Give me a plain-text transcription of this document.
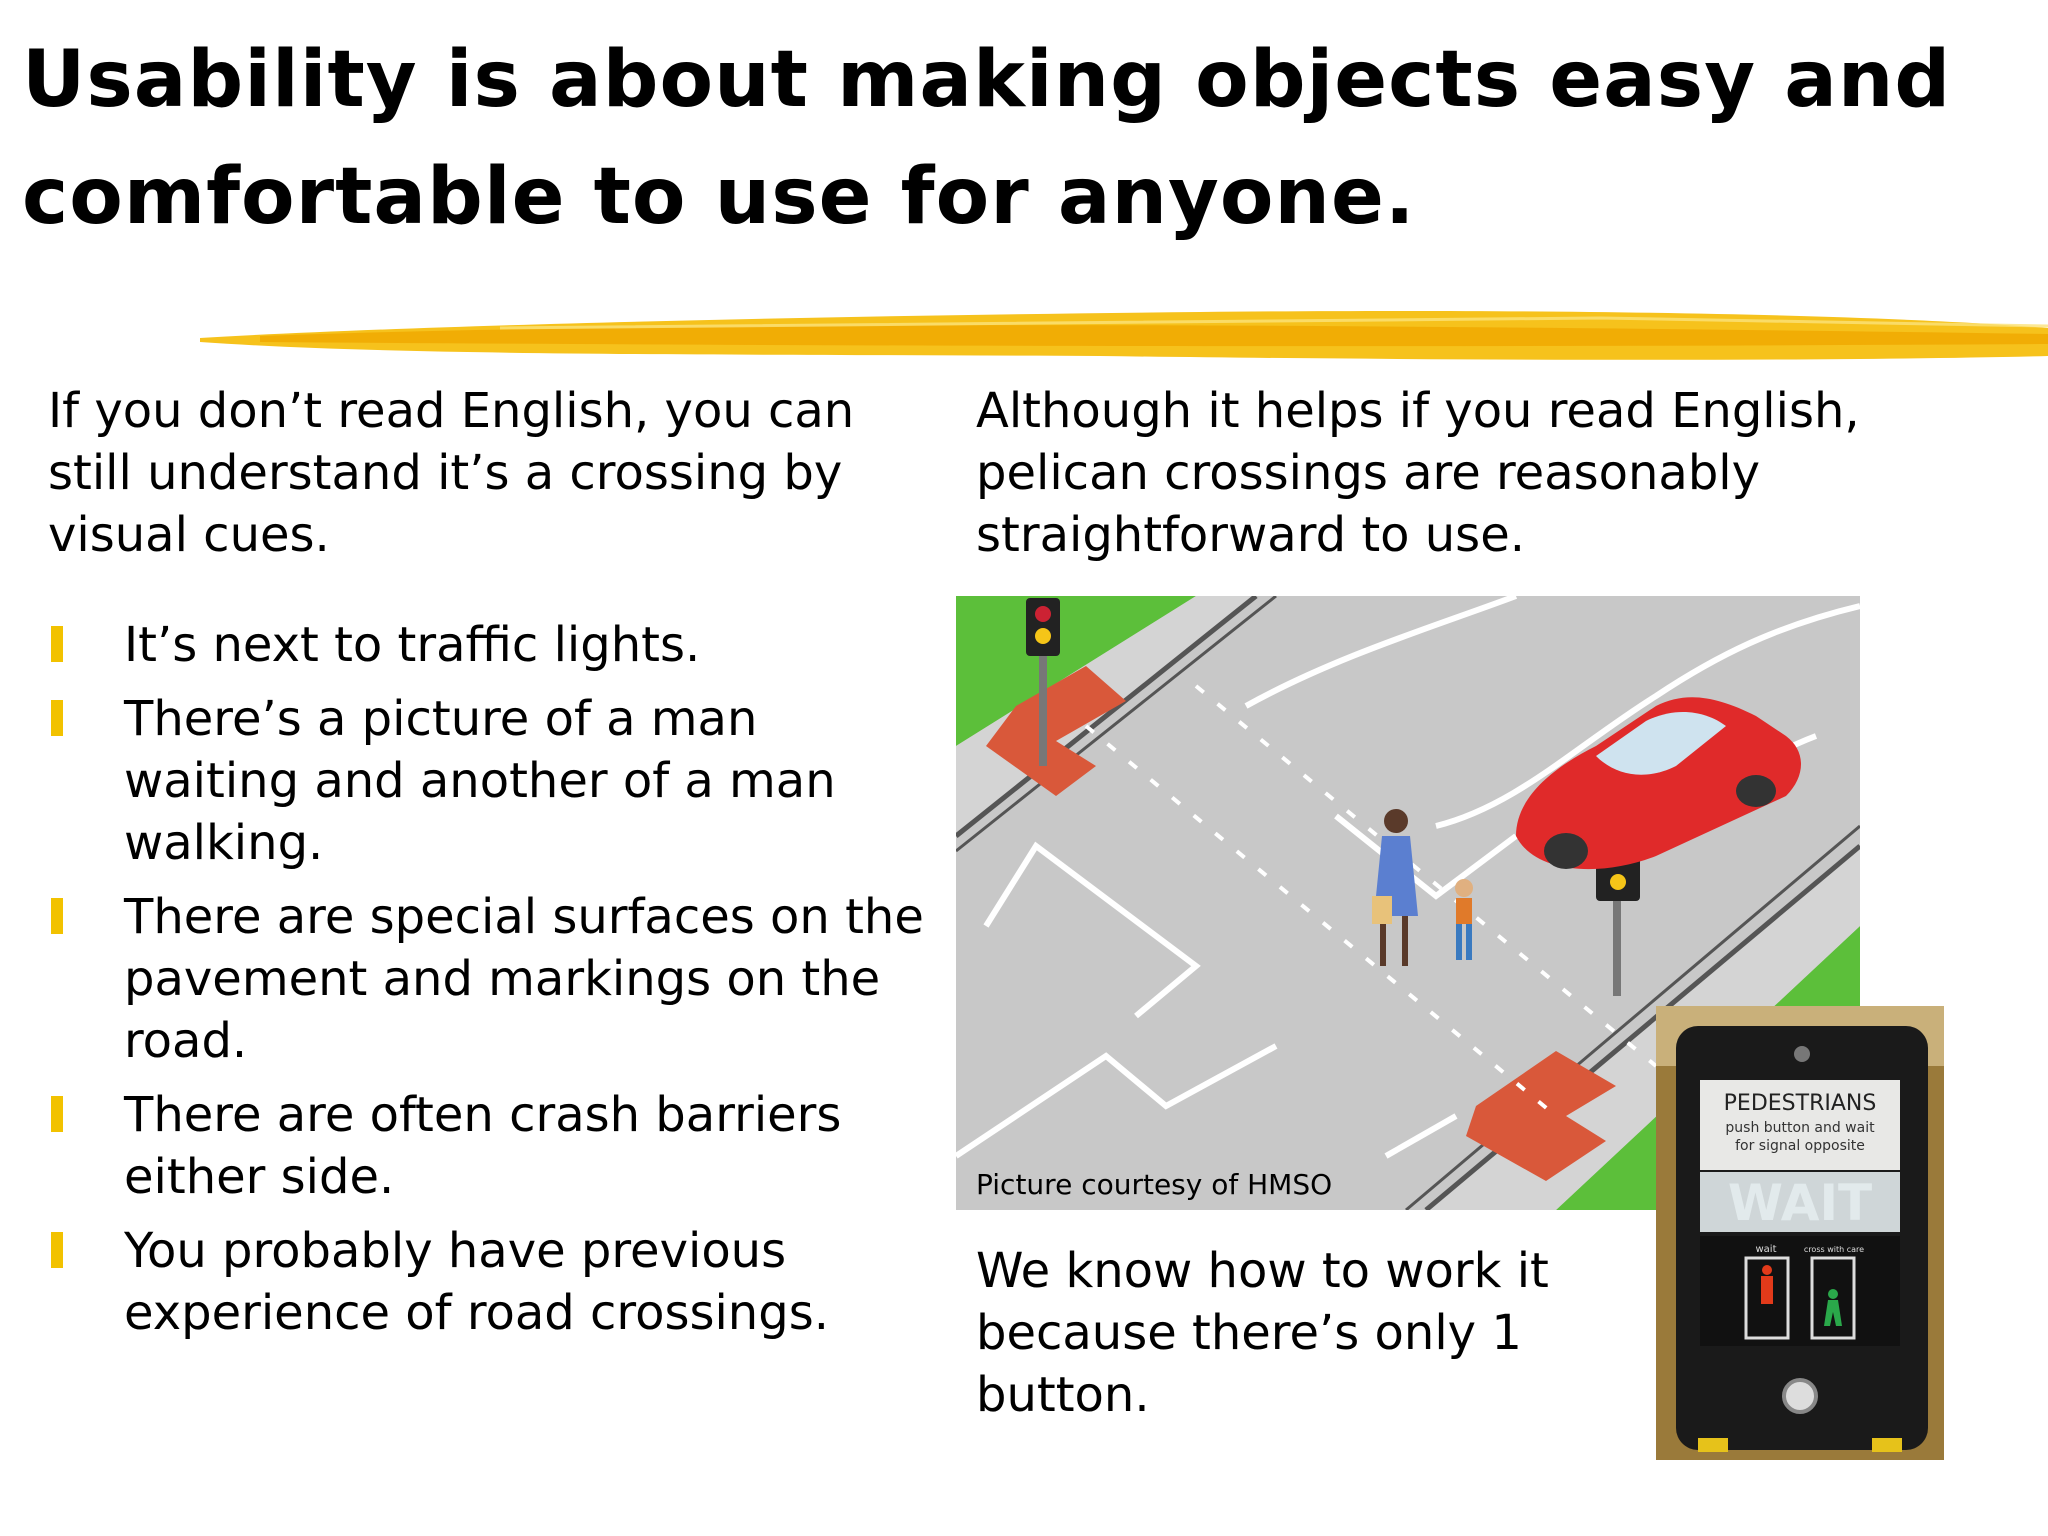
Usability is about making objects easy and comfortable to use for anyone.
If you don’t read English, you can still understand it’s a crossing by visual cues.
Although it helps if you read English, pelican crossings are reasonably straightforward to use.
It’s next to traffic lights.
There’s a picture of a man waiting and another of a man walking.
There are special surfaces on the pavement and markings on the road.
There are often crash barriers either side.
You probably have previous experience of road crossings.
Picture courtesy of HMSO
PEDESTRIANS
push button and wait
for signal opposite
WAIT
wait	cross with care
We know how to work it because there’s only 1 button.
